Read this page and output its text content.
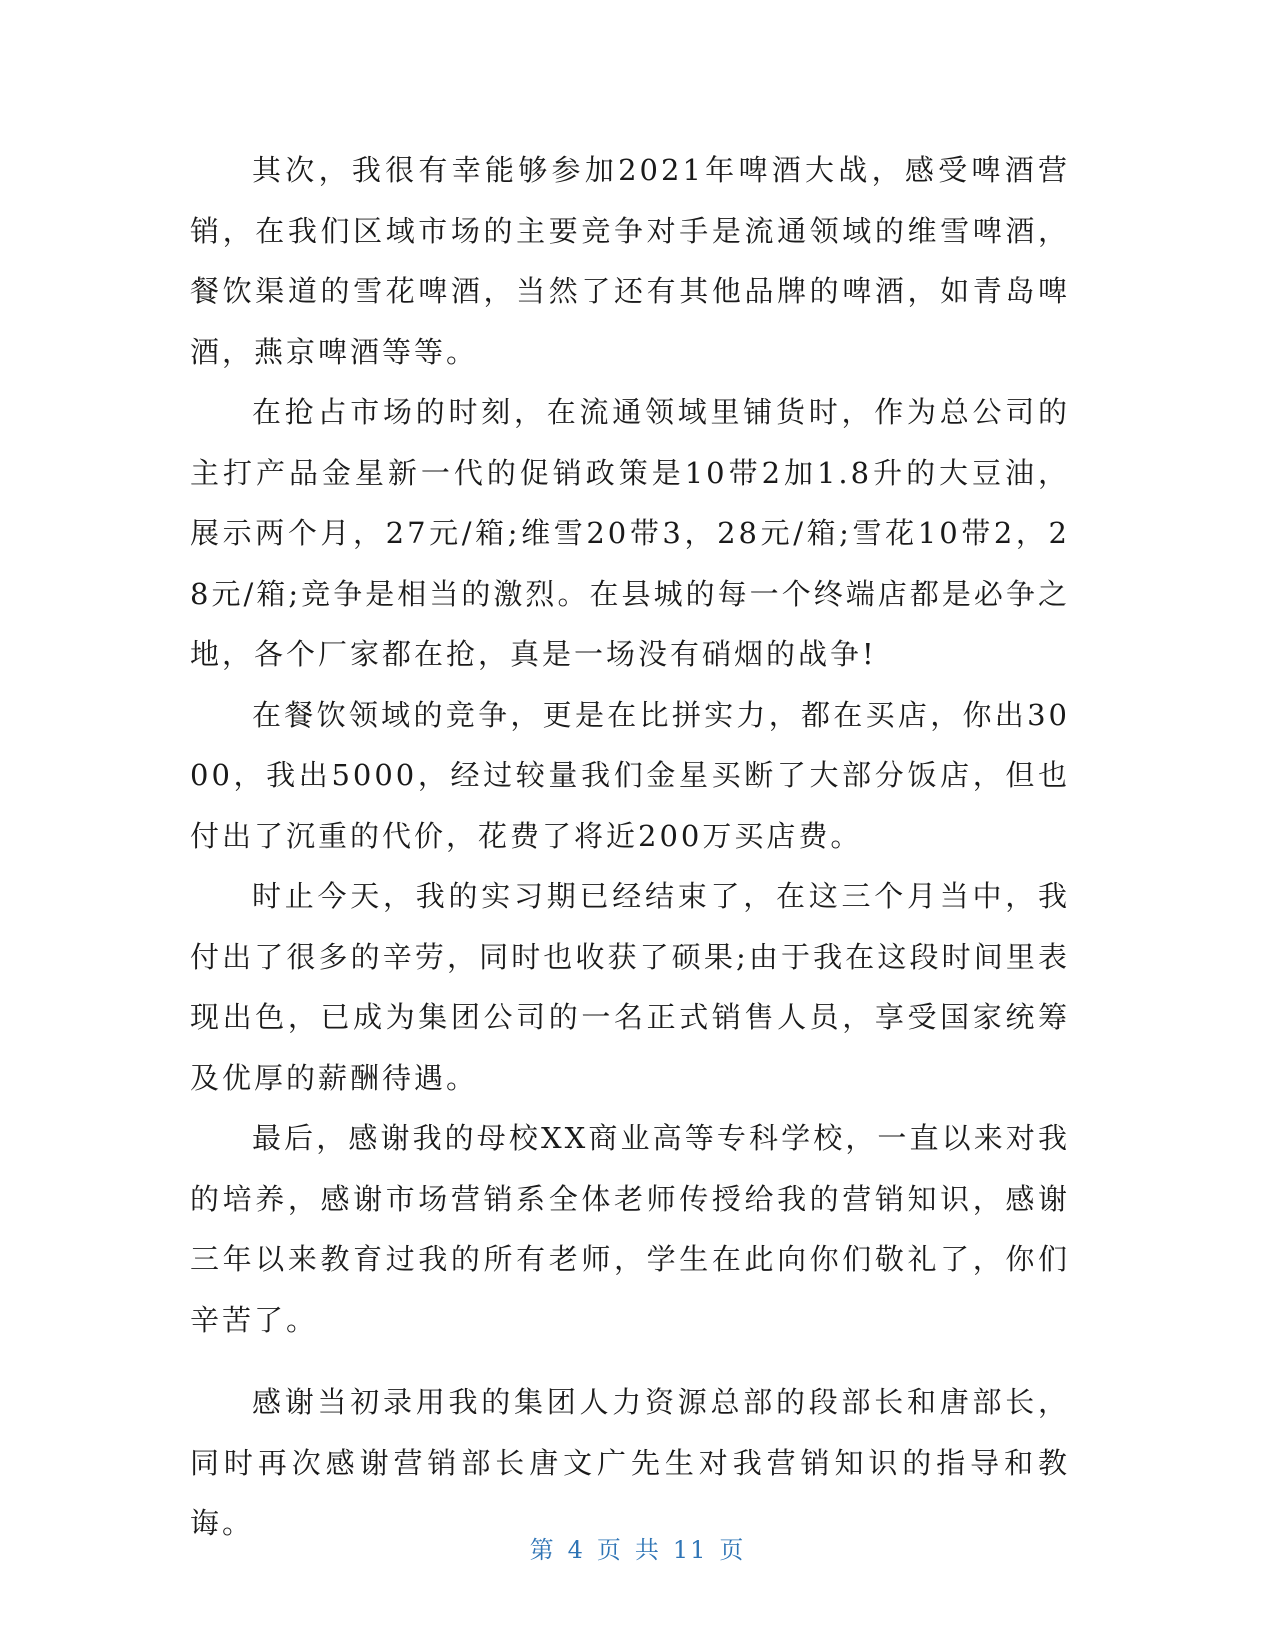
其次，我很有幸能够参加2021年啤酒大战，感受啤酒营销，在我们区域市场的主要竞争对手是流通领域的维雪啤酒，餐饮渠道的雪花啤酒，当然了还有其他品牌的啤酒，如青岛啤酒，燕京啤酒等等。

在抢占市场的时刻，在流通领域里铺货时，作为总公司的主打产品金星新一代的促销政策是10带2加1.8升的大豆油，展示两个月，27元/箱;维雪20带3，28元/箱;雪花10带2，28元/箱;竞争是相当的激烈。在县城的每一个终端店都是必争之地，各个厂家都在抢，真是一场没有硝烟的战争!

在餐饮领域的竞争，更是在比拼实力，都在买店，你出3000，我出5000，经过较量我们金星买断了大部分饭店，但也付出了沉重的代价，花费了将近200万买店费。

时止今天，我的实习期已经结束了，在这三个月当中，我付出了很多的辛劳，同时也收获了硕果;由于我在这段时间里表现出色，已成为集团公司的一名正式销售人员，享受国家统筹及优厚的薪酬待遇。

最后，感谢我的母校XX商业高等专科学校，一直以来对我的培养，感谢市场营销系全体老师传授给我的营销知识，感谢三年以来教育过我的所有老师，学生在此向你们敬礼了，你们辛苦了。

感谢当初录用我的集团人力资源总部的段部长和唐部长，同时再次感谢营销部长唐文广先生对我营销知识的指导和教诲。

第 4 页 共 11 页
